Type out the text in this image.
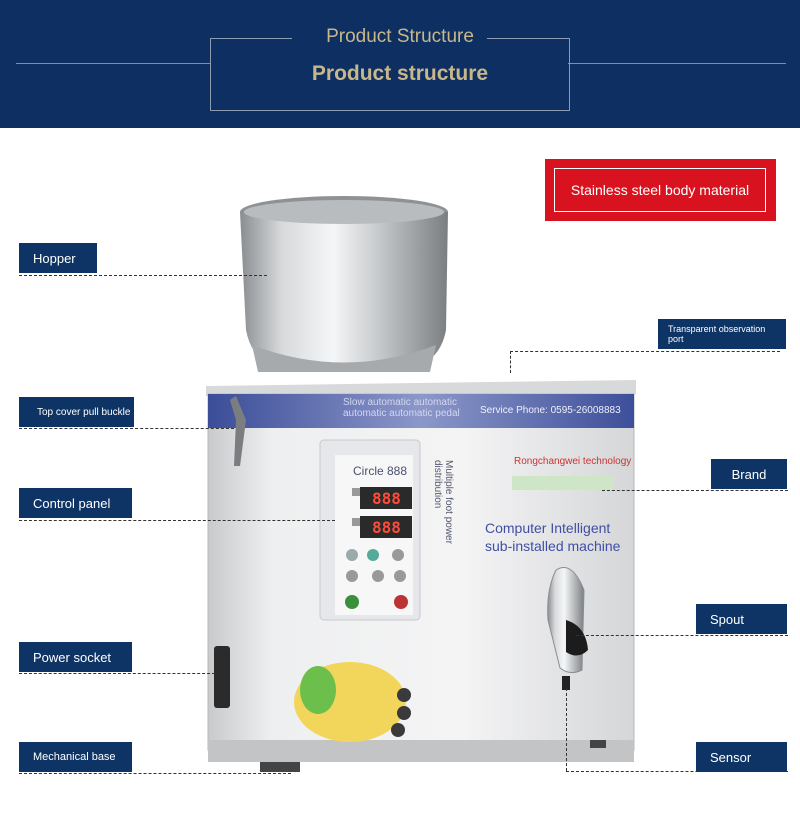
Product Structure
Product structure
Stainless steel body material
Slow automatic automatic automatic automatic pedal	Service Phone: 0595-26008883
Circle 888	Multiple foot power distribution
888
888
Rongchangwei technology
Computer Intelligent
sub-installed machine
Hopper
Top cover pull buckle
Control panel
Power socket
Mechanical base
Transparent observation port
Brand
Spout
Sensor
